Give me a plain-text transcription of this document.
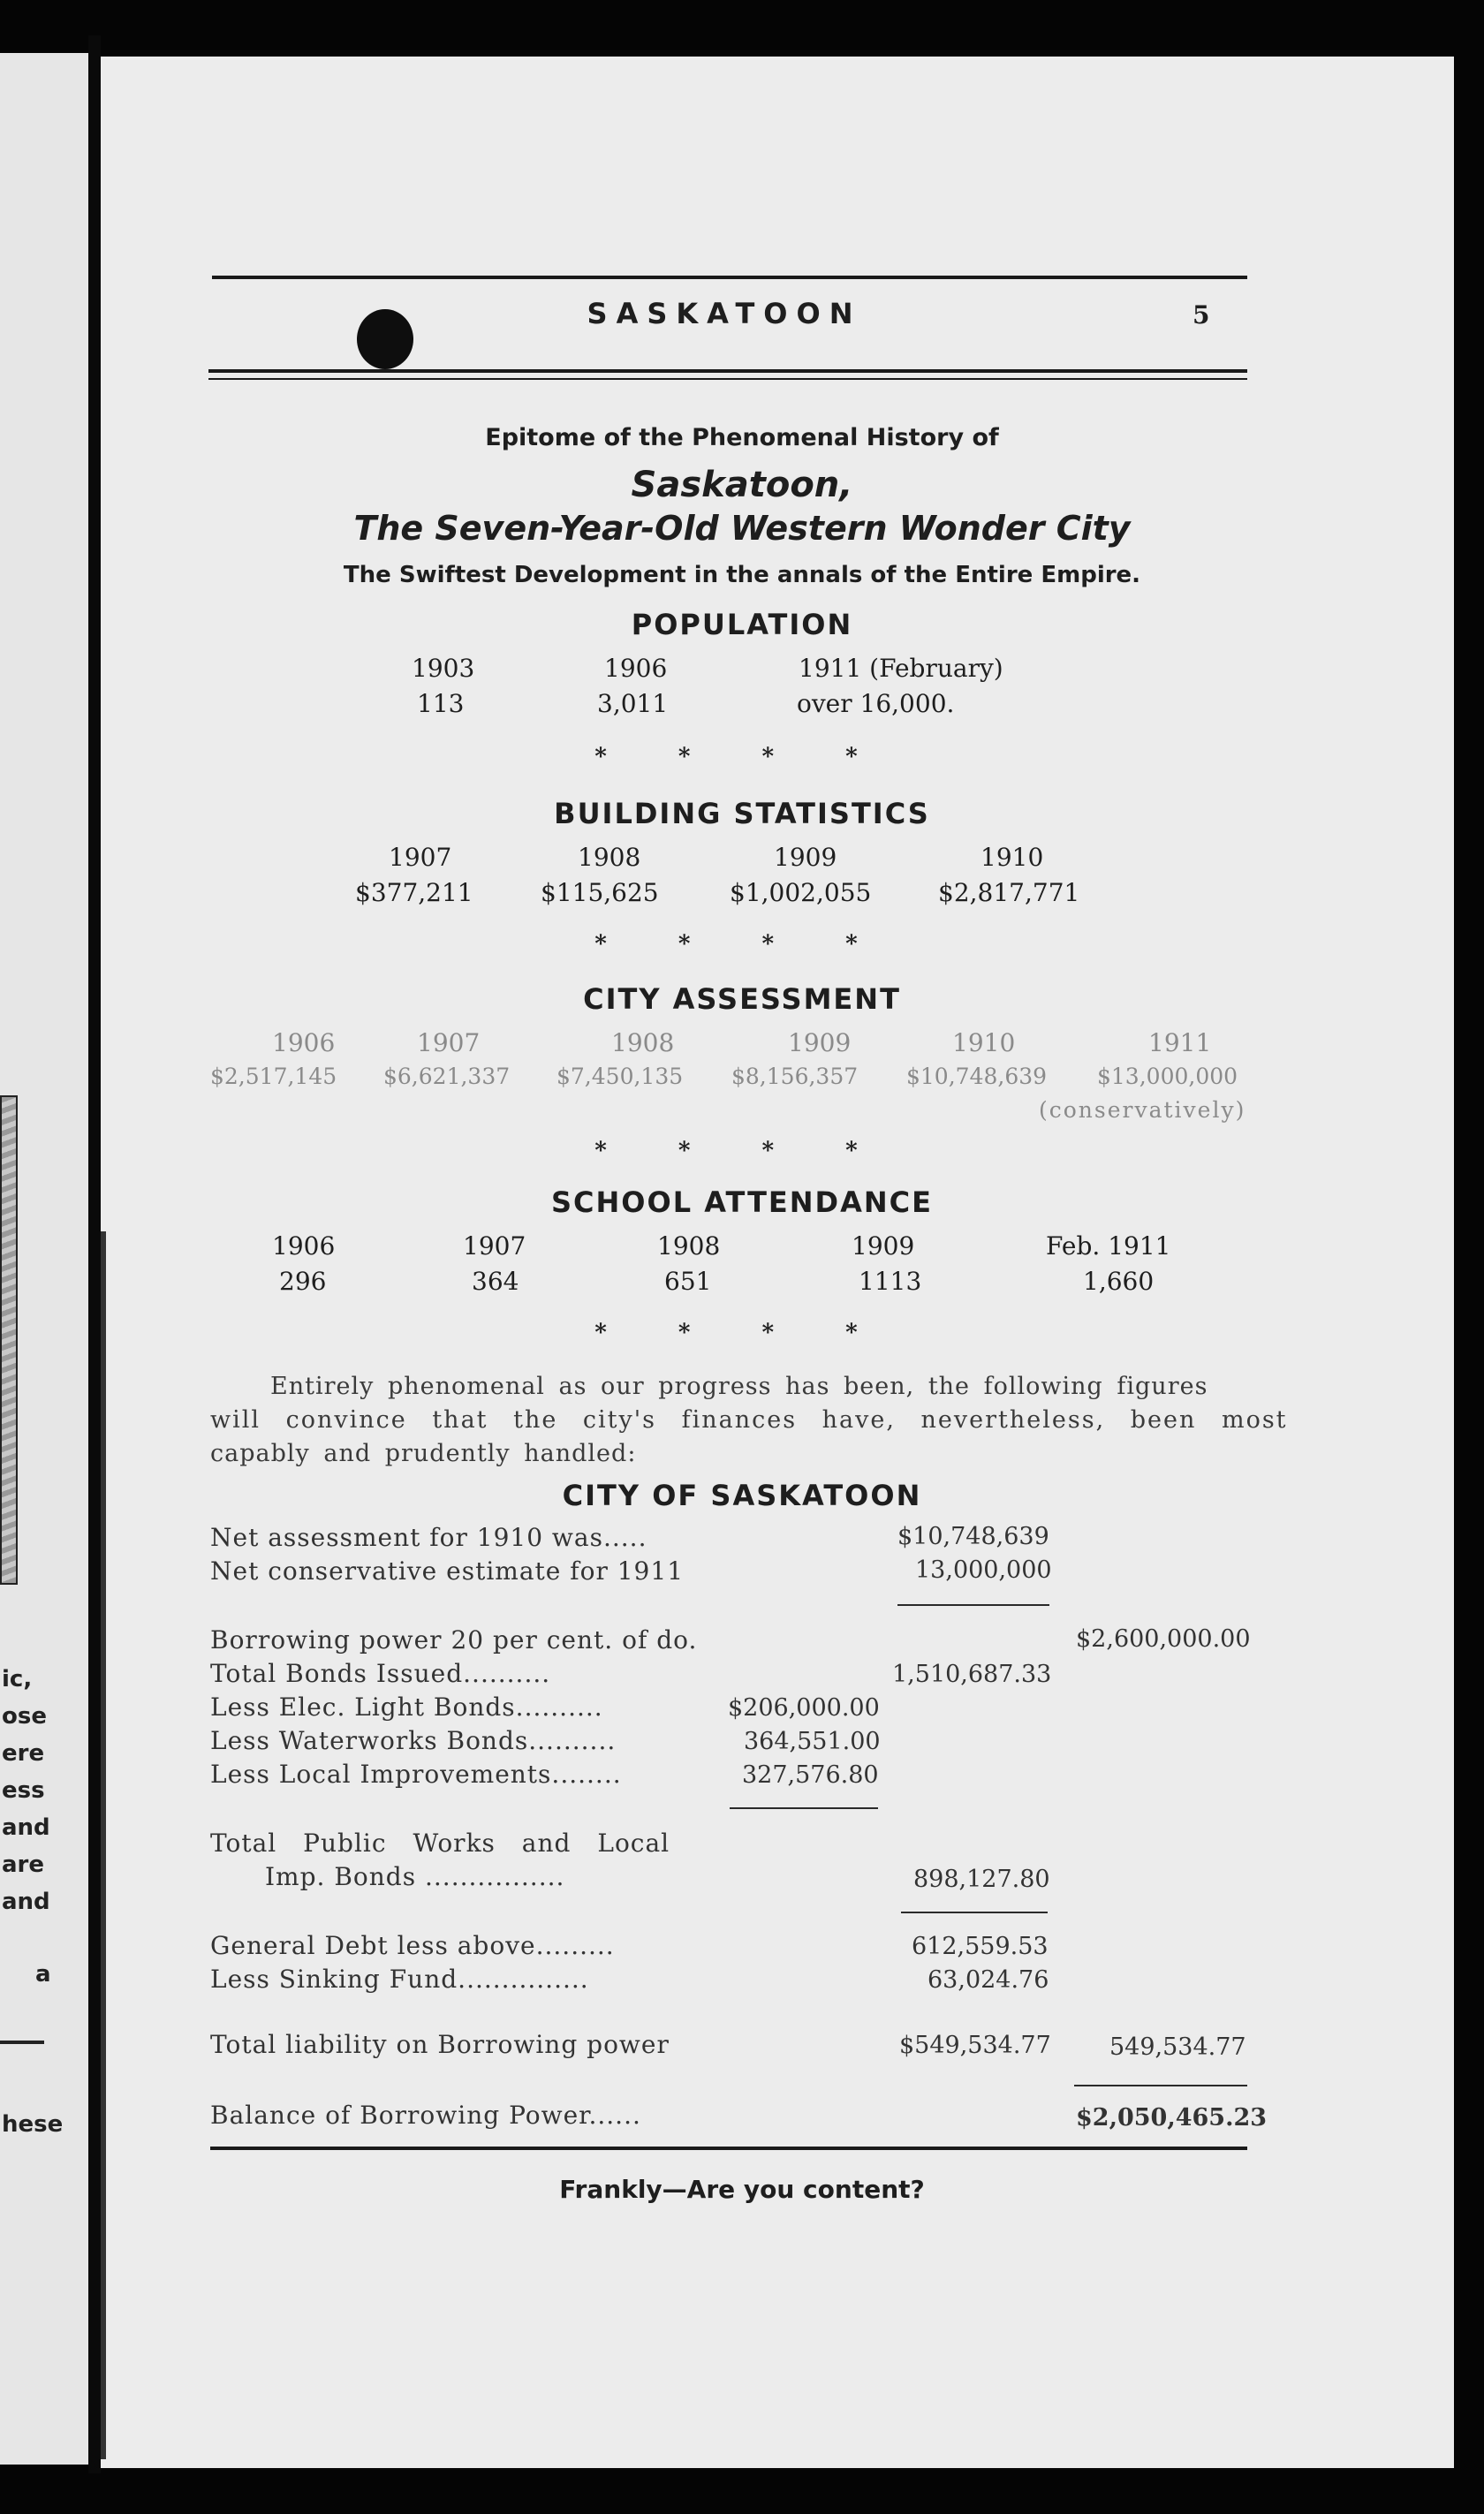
ic,
ose
ere
ess
and
are
and
a
hese
SASKATOON	5
Epitome of the Phenomenal History of
Saskatoon,
The Seven-Year-Old Western Wonder City
The Swiftest Development in the annals of the Entire Empire.
POPULATION
1903	1906	1911 (February)
113	3,011	over 16,000.
* * * *
BUILDING STATISTICS
1907	1908	1909	1910
$377,211	$115,625	$1,002,055	$2,817,771
* * * *
CITY ASSESSMENT
1906	1907	1908	1909	1910	1911
$2,517,145 $6,621,337 $7,450,135 $8,156,357 $10,748,639 $13,000,000
(conservatively)
* * * *
SCHOOL ATTENDANCE
1906	1907	1908	1909	Feb. 1911
296	364	651	1113	1,660
* * * *
Entirely phenomenal as our progress has been, the following figures
will convince that the city's finances have, nevertheless, been most
capably and prudently handled:
CITY OF SASKATOON
Net assessment for 1910 was.....	$10,748,639
Net conservative estimate for 1911	13,000,000
Borrowing power 20 per cent. of do.	$2,600,000.00
Total Bonds Issued..........	1,510,687.33
Less Elec. Light Bonds..........	$206,000.00
Less Waterworks Bonds..........	364,551.00
Less Local Improvements........	327,576.80
Total Public Works and Local
Imp. Bonds ................	898,127.80
General Debt less above.........	612,559.53
Less Sinking Fund...............	63,024.76
Total liability on Borrowing power	$549,534.77 549,534.77
Balance of Borrowing Power......	$2,050,465.23
Frankly—Are you content?
